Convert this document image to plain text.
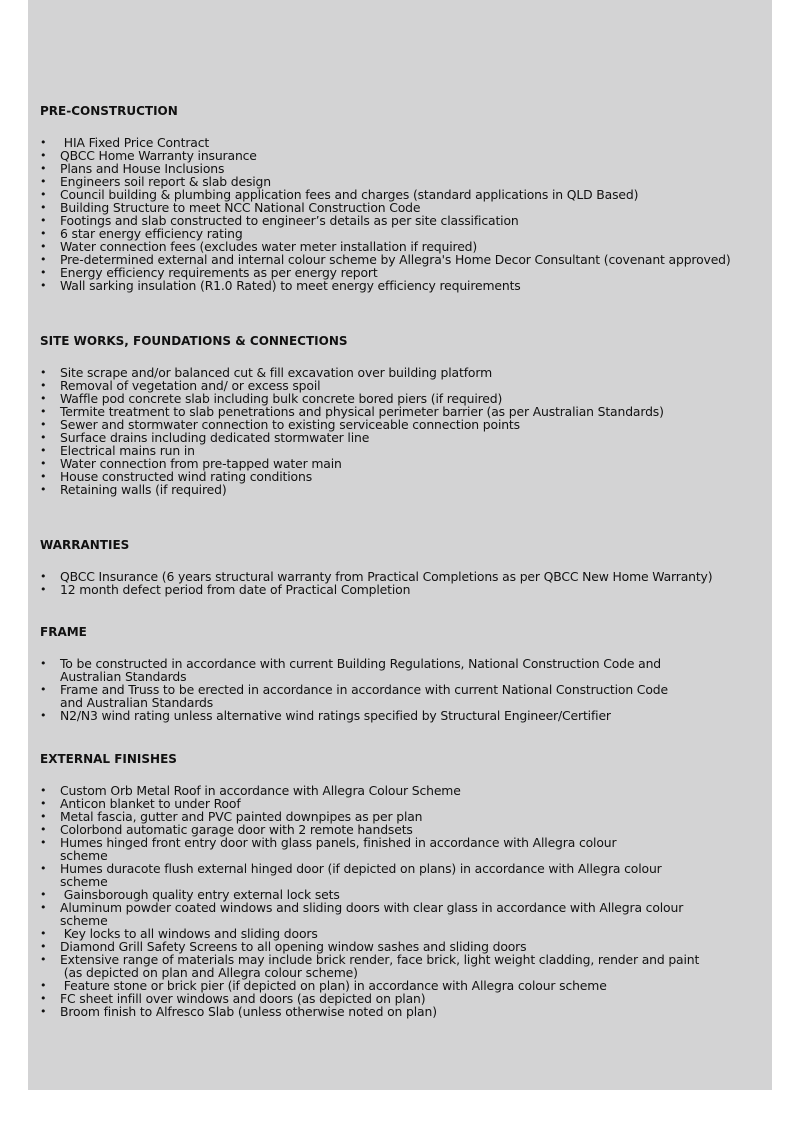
PRE-CONSTRUCTION
•  HIA Fixed Price Contract
• QBCC Home Warranty insurance
• Plans and House Inclusions
• Engineers soil report & slab design
• Council building & plumbing application fees and charges (standard applications in QLD Based)
• Building Structure to meet NCC National Construction Code
• Footings and slab constructed to engineer’s details as per site classification
• 6 star energy efficiency rating
• Water connection fees (excludes water meter installation if required)
• Pre-determined external and internal colour scheme by Allegra's Home Decor Consultant (covenant approved)
• Energy efficiency requirements as per energy report
• Wall sarking insulation (R1.0 Rated) to meet energy efficiency requirements
SITE WORKS, FOUNDATIONS & CONNECTIONS
• Site scrape and/or balanced cut & fill excavation over building platform
• Removal of vegetation and/ or excess spoil
• Waffle pod concrete slab including bulk concrete bored piers (if required)
• Termite treatment to slab penetrations and physical perimeter barrier (as per Australian Standards)
• Sewer and stormwater connection to existing serviceable connection points
• Surface drains including dedicated stormwater line
• Electrical mains run in
• Water connection from pre-tapped water main
• House constructed wind rating conditions
• Retaining walls (if required)
WARRANTIES
• QBCC Insurance (6 years structural warranty from Practical Completions as per QBCC New Home Warranty)
• 12 month defect period from date of Practical Completion
FRAME
• To be constructed in accordance with current Building Regulations, National Construction Code and
Australian Standards
• Frame and Truss to be erected in accordance in accordance with current National Construction Code
and Australian Standards
• N2/N3 wind rating unless alternative wind ratings specified by Structural Engineer/Certifier
EXTERNAL FINISHES
• Custom Orb Metal Roof in accordance with Allegra Colour Scheme
• Anticon blanket to under Roof
• Metal fascia, gutter and PVC painted downpipes as per plan
• Colorbond automatic garage door with 2 remote handsets
• Humes hinged front entry door with glass panels, finished in accordance with Allegra colour
scheme
• Humes duracote flush external hinged door (if depicted on plans) in accordance with Allegra colour
scheme
•  Gainsborough quality entry external lock sets
• Aluminum powder coated windows and sliding doors with clear glass in accordance with Allegra colour
scheme
•  Key locks to all windows and sliding doors
• Diamond Grill Safety Screens to all opening window sashes and sliding doors
• Extensive range of materials may include brick render, face brick, light weight cladding, render and paint
(as depicted on plan and Allegra colour scheme)
•  Feature stone or brick pier (if depicted on plan) in accordance with Allegra colour scheme
• FC sheet infill over windows and doors (as depicted on plan)
• Broom finish to Alfresco Slab (unless otherwise noted on plan)
